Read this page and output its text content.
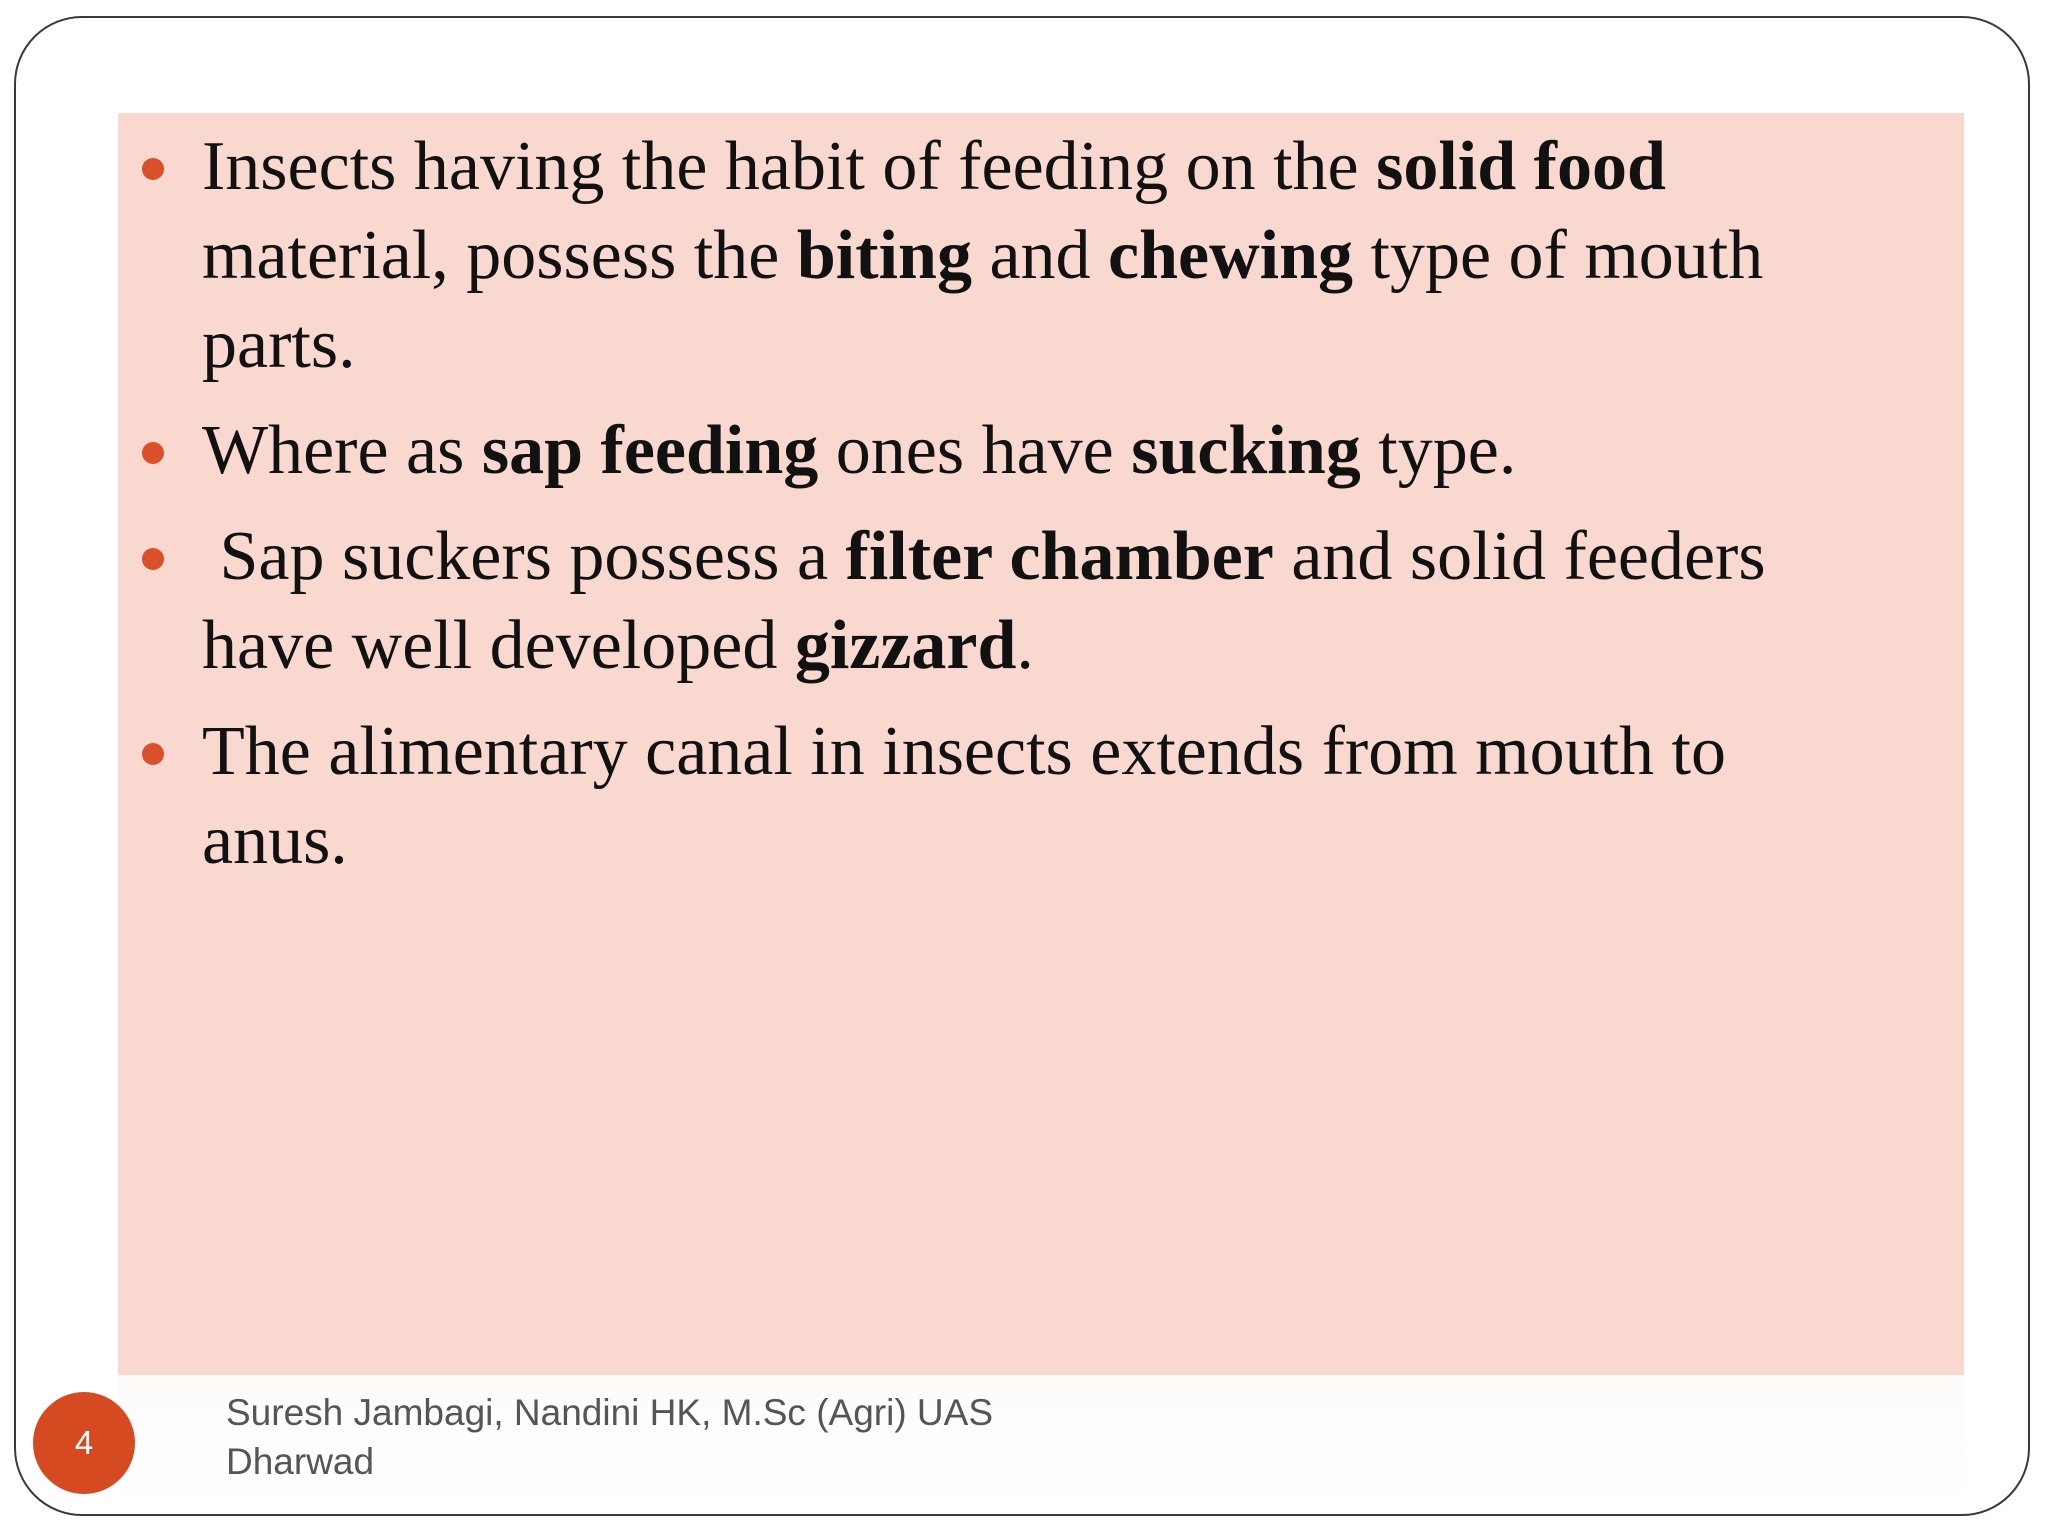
Insects having the habit of feeding on the solid food material, possess the biting and chewing type of mouth parts.
Where as sap feeding ones have sucking type.
Sap suckers possess a filter chamber and solid feeders have well developed gizzard.
The alimentary canal in insects extends from mouth to anus.
4
Suresh Jambagi, Nandini HK, M.Sc (Agri) UAS
Dharwad
